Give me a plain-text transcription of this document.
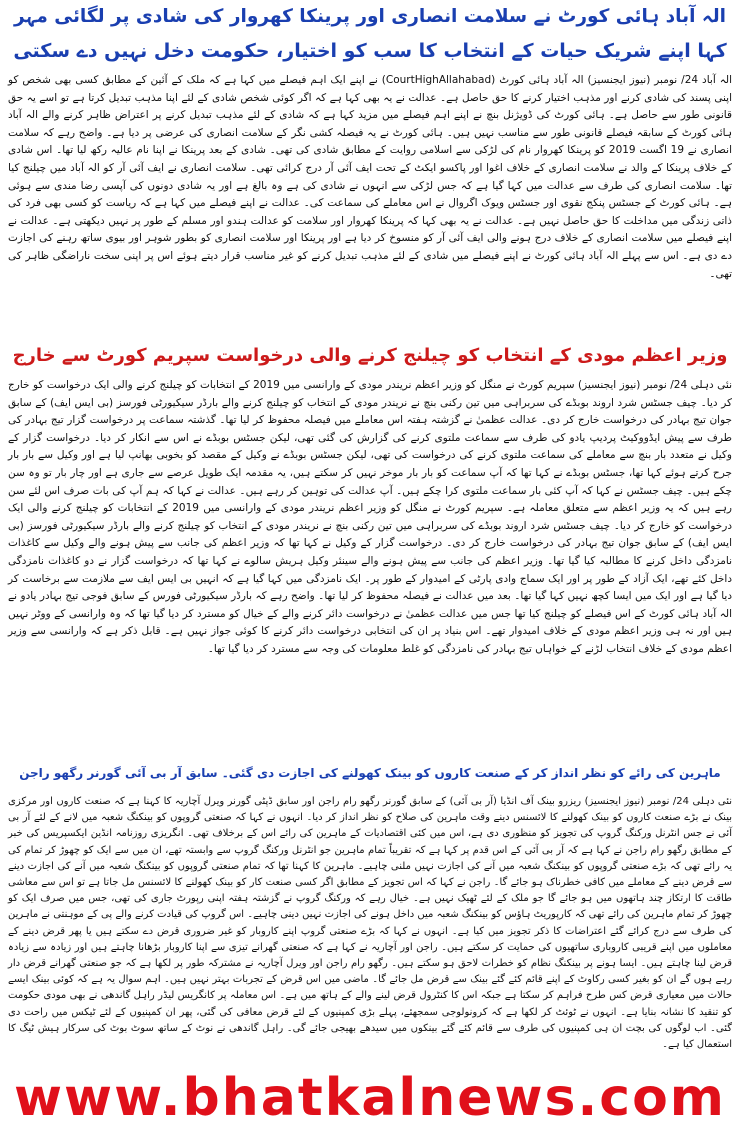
الہ آباد ہائی کورٹ نے سلامت انصاری اور پرینکا کھروار کی شادی پر لگائی مہر
کہا اپنے شریک حیات کے انتخاب کا سب کو اختیار، حکومت دخل نہیں دے سکتی

الہ آباد 24/ نومبر (نیوز ایجنسیز) الہ آباد ہائی کورٹ (CourtHighAllahabad) نے اپنے ایک اہم فیصلے میں کہا ہے کہ ملک کے آئین کے مطابق کسی بھی شخص کو اپنی پسند کی شادی کرنے اور مذہب اختیار کرنے کا حق حاصل ہے۔ عدالت نے یہ بھی کہا ہے کہ اگر کوئی شخص شادی کے لئے اپنا مذہب تبدیل کرتا ہے تو اسے یہ حق قانونی طور سے حاصل ہے۔ ہائی کورٹ کی ڈویژنل بنچ نے اپنے اہم فیصلے میں مزید کہا ہے کہ شادی کے لئے مذہب تبدیل کرنے پر اعتراض ظاہر کرنے والے الہ آباد ہائی کورٹ کے سابقہ فیصلے قانونی طور سے مناسب نہیں ہیں۔ ہائی کورٹ نے یہ فیصلہ کشی نگر کے سلامت انصاری کی عرضی پر دیا ہے۔ واضح رہے کہ سلامت انصاری نے 19 اگست 2019 کو پرینکا کھروار نام کی لڑکی سے اسلامی روایت کے مطابق شادی کی تھی۔ شادی کے بعد پرینکا نے اپنا نام عالیہ رکھ لیا تھا۔ اس شادی کے خلاف پرینکا کے والد نے سلامت انصاری کے خلاف اغوا اور پاکسو ایکٹ کے تحت ایف آئی آر درج کرائی تھی۔ سلامت انصاری نے ایف آئی آر کو الہ آباد میں چیلنج کیا تھا۔ سلامت انصاری کی طرف سے عدالت میں کہا گیا ہے کہ جس لڑکی سے انہوں نے شادی کی ہے وہ بالغ ہے اور یہ شادی دونوں کی آپسی رضا مندی سے ہوئی ہے۔ ہائی کورٹ کے جسٹس پنکج نقوی اور جسٹس ویوک اگروال نے اس معاملے کی سماعت کی۔ عدالت نے اپنے فیصلے میں کہا ہے کہ ریاست کو کسی بھی فرد کی ذاتی زندگی میں مداخلت کا حق حاصل نہیں ہے۔ عدالت نے یہ بھی کہا کہ پرینکا کھروار اور سلامت کو عدالت ہندو اور مسلم کے طور پر نہیں دیکھتی ہے۔ عدالت نے اپنے فیصلے میں سلامت انصاری کے خلاف درج ہونے والی ایف آئی آر کو منسوخ کر دیا ہے اور پرینکا اور سلامت انصاری کو بطور شوہر اور بیوی ساتھ رہنے کی اجازت دے دی ہے۔ اس سے پہلے الہ آباد ہائی کورٹ نے اپنے فیصلے میں شادی کے لئے مذہب تبدیل کرنے کو غیر مناسب قرار دیتے ہوئے اس پر اپنی سخت ناراضگی ظاہر کی تھی۔

وزیر اعظم مودی کے انتخاب کو چیلنج کرنے والی درخواست سپریم کورٹ سے خارج

نئی دہلی 24/ نومبر (نیوز ایجنسیز) سپریم کورٹ نے منگل کو وزیر اعظم نریندر مودی کے وارانسی میں 2019 کے انتخابات کو چیلنج کرنے والی ایک درخواست کو خارج کر دیا۔ چیف جسٹس شرد اروند بوبڈے کی سربراہی میں تین رکنی بنچ نے نریندر مودی کے انتخاب کو چیلنج کرنے والے بارڈر سیکیورٹی فورسز (بی ایس ایف) کے سابق جوان تیج بہادر کی درخواست خارج کر دی۔ عدالت عظمیٰ نے گزشتہ ہفتہ اس معاملے میں فیصلہ محفوظ کر لیا تھا۔ گذشتہ سماعت پر درخواست گزار تیج بہادر کی طرف سے پیش ایڈووکیٹ پردیپ یادو کی طرف سے سماعت ملتوی کرنے کی گزارش کی گئی تھی، لیکن جسٹس بوبڈے نے اس سے انکار کر دیا۔ درخواست گزار کے وکیل نے متعدد بار بنچ سے معاملے کی سماعت ملتوی کرنے کی درخواست کی تھی، لیکن جسٹس بوبڈے نے وکیل کے مقصد کو بخوبی بھانپ لیا ہے اور وکیل سے بار بار جرح کرتے ہوئے کہا تھا، جسٹس بوبڈے نے کہا تھا کہ آپ سماعت کو بار بار موخر نہیں کر سکتے ہیں، یہ مقدمہ ایک طویل عرصے سے جاری ہے اور چار بار تو وہ سن چکے ہیں۔ چیف جسٹس نے کہا کہ آپ کئی بار سماعت ملتوی کرا چکے ہیں۔ آپ عدالت کی توہین کر رہے ہیں۔ عدالت نے کہا کہ ہم آپ کی بات صرف اس لئے سن رہے ہیں کہ یہ وزیر اعظم سے متعلق معاملہ ہے۔ سپریم کورٹ نے منگل کو وزیر اعظم نریندر مودی کے وارانسی میں 2019 کے انتخابات کو چیلنج کرنے والی ایک درخواست کو خارج کر دیا۔ چیف جسٹس شرد اروند بوبڈے کی سربراہی میں تین رکنی بنچ نے نریندر مودی کے انتخاب کو چیلنج کرنے والے بارڈر سیکیورٹی فورسز (بی ایس ایف) کے سابق جوان تیج بہادر کی درخواست خارج کر دی۔ درخواست گزار کے وکیل نے کہا تھا کہ وزیر اعظم کی جانب سے پیش ہونے والے وکیل سے کاغذات نامزدگی داخل کرنے کا مطالبہ کیا گیا تھا۔ وزیر اعظم کی جانب سے پیش ہونے والے سینئر وکیل ہریش سالوے نے کہا تھا کہ درخواست گزار نے دو کاغذات نامزدگی داخل کئے تھے، ایک آزاد کے طور پر اور ایک سماج وادی پارٹی کے امیدوار کے طور پر۔ ایک نامزدگی میں کہا گیا ہے کہ انہیں بی ایس ایف سے ملازمت سے برخاست کر دیا گیا ہے اور ایک میں ایسا کچھ نہیں کہا گیا تھا۔ بعد میں عدالت نے فیصلہ محفوظ کر لیا تھا۔ واضح رہے کہ بارڈر سیکیورٹی فورس کے سابق فوجی تیج بہادر یادو نے الہ آباد ہائی کورٹ کے اس فیصلے کو چیلنج کیا تھا جس میں عدالت عظمیٰ نے درخواست دائر کرنے والے کے خیال کو مسترد کر دیا گیا تھا کہ وہ وارانسی کے ووٹر نہیں ہیں اور نہ ہی وزیر اعظم مودی کے خلاف امیدوار تھے۔ اس بنیاد پر ان کی انتخابی درخواست دائر کرنے کا کوئی جواز نہیں ہے۔ قابل ذکر ہے کہ وارانسی سے وزیر اعظم مودی کے خلاف انتخاب لڑنے کے خواہاں تیج بہادر کی نامزدگی کو غلط معلومات کی وجہ سے مسترد کر دیا گیا تھا۔

ماہرین کی رائے کو نظر انداز کر کے صنعت کاروں کو بینک کھولنے کی اجازت دی گئی۔ سابق آر بی آئی گورنر رگھو راجن

نئی دہلی 24/ نومبر (نیوز ایجنسیز) ریزرو بینک آف انڈیا (آر بی آئی) کے سابق گورنر رگھو رام راجن اور سابق ڈپٹی گورنر ویرل آچاریہ کا کہنا ہے کہ صنعت کاروں اور مرکزی بینک نے بڑے صنعت کاروں کو بینک کھولنے کا لائسنس دینے وقت ماہرین کی صلاح کو نظر انداز کر دیا۔ انہوں نے کہا کہ صنعتی گروپوں کو بینکنگ شعبہ میں لانے کے لئے آر بی آئی نے جس انٹرنل ورکنگ گروپ کی تجویز کو منظوری دی ہے، اس میں کئی اقتصادیات کے ماہرین کی رائے اس کے برخلاف تھی۔ انگریزی روزنامہ انڈین ایکسپریس کی خبر کے مطابق رگھو رام راجن نے کہا ہے کہ آر بی آئی کے اس قدم پر کہا ہے کہ تقریباً تمام ماہرین جو انٹرنل ورکنگ گروپ سے وابستہ تھے، ان میں سے ایک کو چھوڑ کر تمام کی یہ رائے تھی کہ بڑے صنعتی گروپوں کو بینکنگ شعبہ میں آنے کی اجازت نہیں ملنی چاہیے۔ ماہرین کا کہنا تھا کہ تمام صنعتی گروپوں کو بینکنگ شعبہ میں آنے کی اجازت دینے سے قرض دینے کے معاملے میں کافی خطرناک ہو جائے گا۔ راجن نے کہا کہ اس تجویز کے مطابق اگر کسی صنعت کار کو بینک کھولنے کا لائسنس مل جاتا ہے تو اس سے معاشی طاقت کا ارتکاز چند ہاتھوں میں ہو جائے گا جو ملک کے لئے ٹھیک نہیں ہے۔ خیال رہے کہ ورکنگ گروپ نے گزشتہ ہفتہ اپنی رپورٹ جاری کی تھی، جس میں صرف ایک کو چھوڑ کر تمام ماہرین کی رائے تھی کہ کارپوریٹ ہاؤس کو بینکنگ شعبہ میں داخل ہونے کی اجازت نہیں دینی چاہیے۔ اس گروپ کی قیادت کرنے والے پی کے موہنتی نے ماہرین کی طرف سے درج کرائے گئے اعتراضات کا ذکر تجویز میں کیا ہے۔ انہوں نے کہا کہ بڑے صنعتی گروپ اپنے کاروبار کو غیر ضروری قرض دے سکتے ہیں یا پھر قرض دینے کے معاملوں میں اپنے قریبی کاروباری ساتھیوں کی حمایت کر سکتے ہیں۔ راجن اور آچاریہ نے کہا ہے کہ صنعتی گھرانے تیزی سے اپنا کاروبار بڑھانا چاہتے ہیں اور زیادہ سے زیادہ قرض لینا چاہتے ہیں۔ ایسا ہونے پر بینکنگ نظام کو خطرات لاحق ہو سکتے ہیں۔ رگھو رام راجن اور ویرل آچاریہ نے مشترکہ طور پر لکھا ہے کہ جو صنعتی گھرانے قرض دار رہے ہوں گے ان کو بغیر کسی رکاوٹ کے اپنے قائم کئے گئے بینک سے قرض مل جائے گا۔ ماضی میں اس قرض کے تجربات بہتر نہیں ہیں۔ اہم سوال یہ ہے کہ کوئی بینک ایسے حالات میں معیاری قرض کس طرح فراہم کر سکتا ہے جبکہ اس کا کنٹرول قرض لینے والے کے ہاتھ میں ہے۔ اس معاملہ پر کانگریس لیڈر راہل گاندھی نے بھی مودی حکومت کو تنقید کا نشانہ بنایا ہے۔ انہوں نے ٹوئٹ کر لکھا ہے کہ کرونولوجی سمجھئے، پہلے بڑی کمپنیوں کے لئے قرض معافی کی گئی، پھر ان کمپنیوں کے لئے ٹیکس میں راحت دی گئی۔ اب لوگوں کی بچت ان ہی کمپنیوں کی طرف سے قائم کئے گئے بینکوں میں سیدھے بھیجی جائے گی۔ راہل گاندھی نے نوٹ کے ساتھ سوٹ بوٹ کی سرکار ہیش ٹیگ کا استعمال کیا ہے۔

www.bhatkalnews.com
